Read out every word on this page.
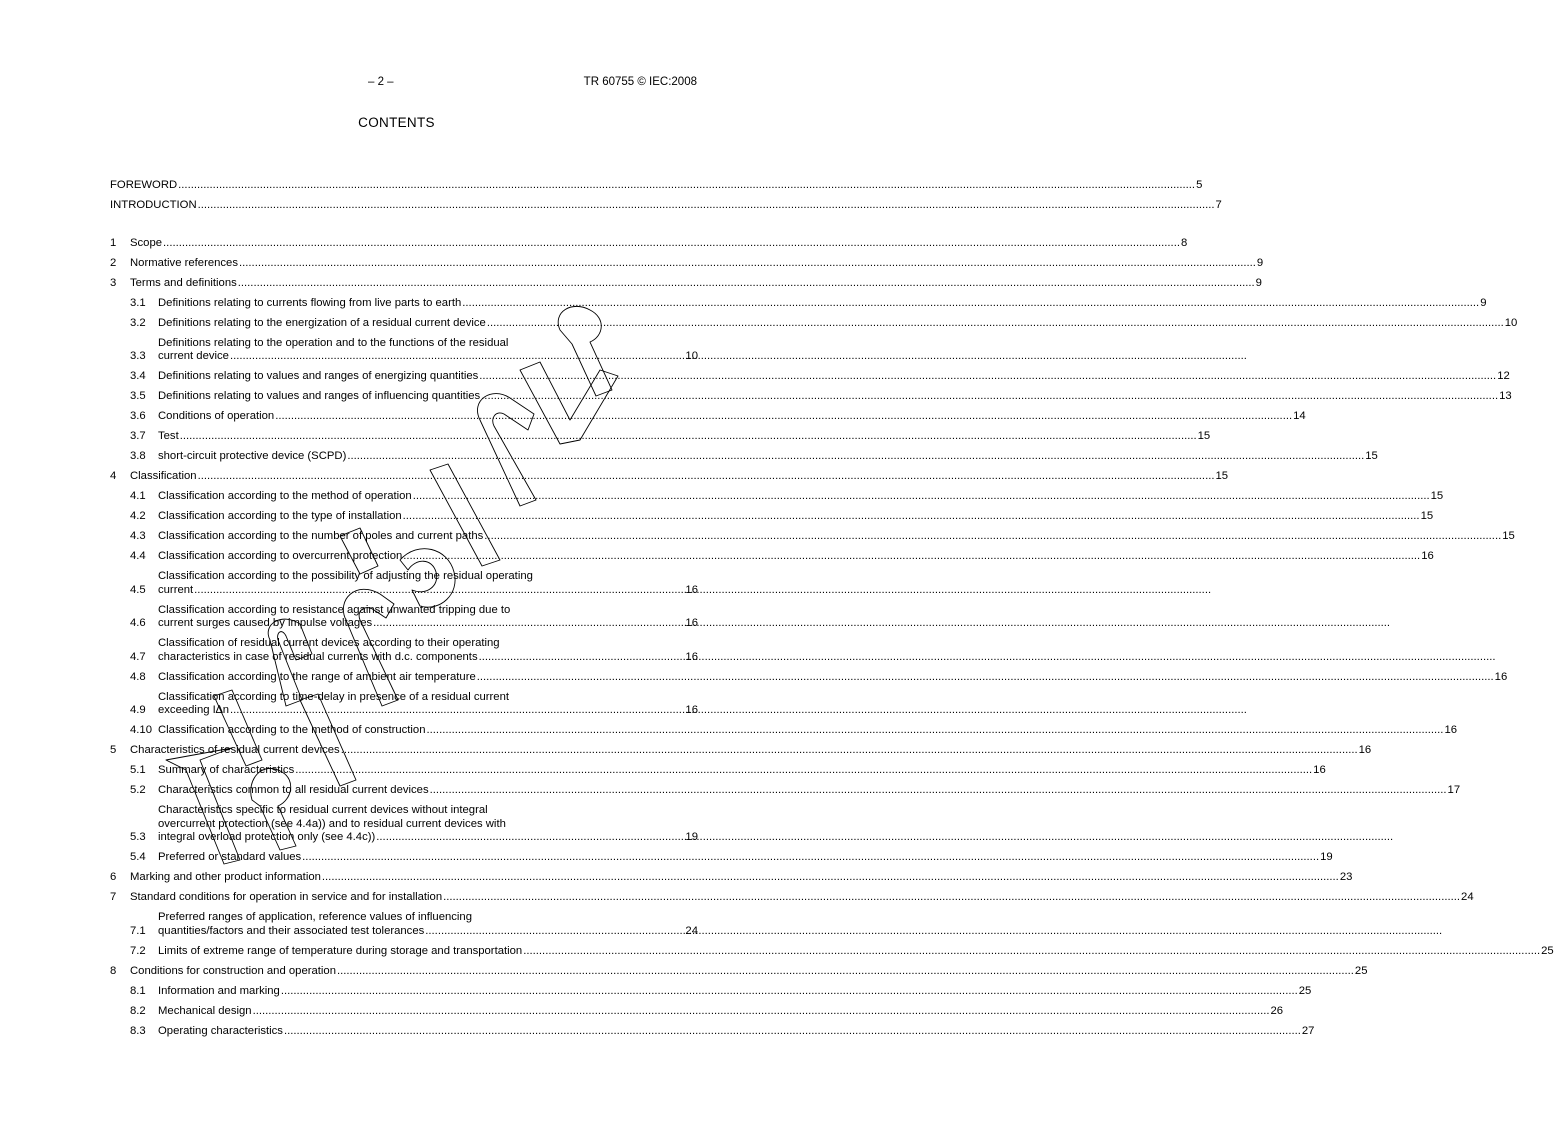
– 2 –	TR 60755 © IEC:2008
CONTENTS
FOREWORD .....	5
INTRODUCTION .....	7
1	Scope .....	8
2	Normative references .....	9
3	Terms and definitions .....	9
3.1	Definitions relating to currents flowing from live parts to earth .....	9
3.2	Definitions relating to the energization of a residual current device .....	10
3.3
Definitions relating to the operation and to the functions of the residual
current device .....	10
3.4	Definitions relating to values and ranges of energizing quantities .....	12
3.5	Definitions relating to values and ranges of influencing quantities .....	13
3.6	Conditions of operation .....	14
3.7	Test .....	15
3.8	short-circuit protective device (SCPD) .....	15
4	Classification .....	15
4.1	Classification according to the method of operation .....	15
4.2	Classification according to the type of installation .....	15
4.3	Classification according to the number of poles and current paths .....	15
4.4	Classification according to overcurrent protection .....	16
4.5
Classification according to the possibility of adjusting the residual operating
current .....	16
4.6
Classification according to resistance against unwanted tripping due to
current surges caused by impulse voltages .....	16
4.7
Classification of residual current devices according to their operating
characteristics in case of residual currents with d.c. components .....	16
4.8	Classification according to the range of ambient air temperature .....	16
4.9
Classification according to time-delay in presence of a residual current
exceeding I∆n .....	16
4.10 Classification according to the method of construction .....	16
5	Characteristics of residual current devices .....	16
5.1	Summary of characteristics .....	16
5.2	Characteristics common to all residual current devices .....	17
5.3
Characteristics specific to residual current devices without integral
overcurrent protection (see 4.4a)) and to residual current devices with
integral overload protection only (see 4.4c)) .....	19
5.4	Preferred or standard values .....	19
6	Marking and other product information .....	23
7	Standard conditions for operation in service and for installation .....	24
7.1
Preferred ranges of application, reference values of influencing
quantities/factors and their associated test tolerances .....	24
7.2	Limits of extreme range of temperature during storage and transportation .....	25
8	Conditions for construction and operation .....	25
8.1	Information and marking .....	25
8.2	Mechanical design .....	26
8.3	Operating characteristics .....	27
